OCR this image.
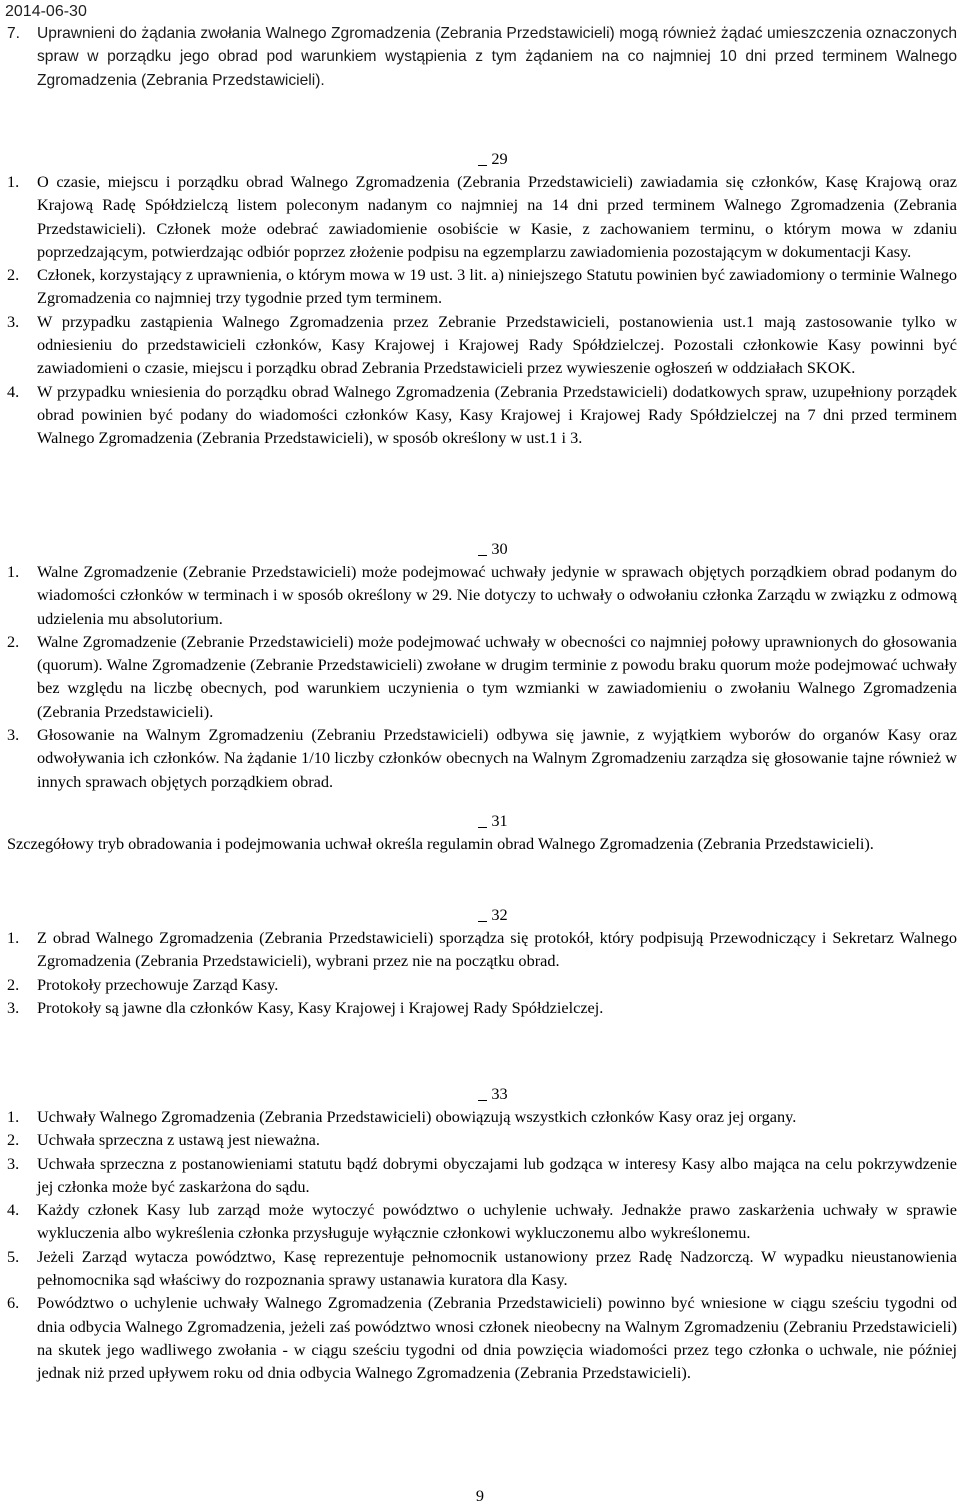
2014-06-30
7. Uprawnieni do żądania zwołania Walnego Zgromadzenia (Zebrania Przedstawicieli) mogą również żądać umieszczenia oznaczonych spraw w porządku jego obrad pod warunkiem wystąpienia z tym żądaniem na co najmniej 10 dni przed terminem Walnego Zgromadzenia (Zebrania Przedstawicieli).
29
1. O czasie, miejscu i porządku obrad Walnego Zgromadzenia (Zebrania Przedstawicieli) zawiadamia się członków, Kasę Krajową oraz Krajową Radę Spółdzielczą listem poleconym nadanym co najmniej na 14 dni przed terminem Walnego Zgromadzenia (Zebrania Przedstawicieli). Członek może odebrać zawiadomienie osobiście w Kasie, z zachowaniem terminu, o którym mowa w zdaniu poprzedzającym, potwierdzając odbiór poprzez złożenie podpisu na egzemplarzu zawiadomienia pozostającym w dokumentacji Kasy.
2. Członek, korzystający z uprawnienia, o którym mowa w 19 ust. 3 lit. a) niniejszego Statutu powinien być zawiadomiony o terminie Walnego Zgromadzenia co najmniej trzy tygodnie przed tym terminem.
3. W przypadku zastąpienia Walnego Zgromadzenia przez Zebranie Przedstawicieli, postanowienia ust.1 mają zastosowanie tylko w odniesieniu do przedstawicieli członków, Kasy Krajowej i Krajowej Rady Spółdzielczej. Pozostali członkowie Kasy powinni być zawiadomieni o czasie, miejscu i porządku obrad Zebrania Przedstawicieli przez wywieszenie ogłoszeń w oddziałach SKOK.
4. W przypadku wniesienia do porządku obrad Walnego Zgromadzenia (Zebrania Przedstawicieli) dodatkowych spraw, uzupełniony porządek obrad powinien być podany do wiadomości członków Kasy, Kasy Krajowej i Krajowej Rady Spółdzielczej na 7 dni przed terminem Walnego Zgromadzenia (Zebrania Przedstawicieli), w sposób określony w ust.1 i 3.
30
1. Walne Zgromadzenie (Zebranie Przedstawicieli) może podejmować uchwały jedynie w sprawach objętych porządkiem obrad podanym do wiadomości członków w terminach i w sposób określony w 29. Nie dotyczy to uchwały o odwołaniu członka Zarządu w związku z odmową udzielenia mu absolutorium.
2. Walne Zgromadzenie (Zebranie Przedstawicieli) może podejmować uchwały w obecności co najmniej połowy uprawnionych do głosowania (quorum). Walne Zgromadzenie (Zebranie Przedstawicieli) zwołane w drugim terminie z powodu braku quorum może podejmować uchwały bez względu na liczbę obecnych, pod warunkiem uczynienia o tym wzmianki w zawiadomieniu o zwołaniu Walnego Zgromadzenia (Zebrania Przedstawicieli).
3. Głosowanie na Walnym Zgromadzeniu (Zebraniu Przedstawicieli) odbywa się jawnie, z wyjątkiem wyborów do organów Kasy oraz odwoływania ich członków. Na żądanie 1/10 liczby członków obecnych na Walnym Zgromadzeniu zarządza się głosowanie tajne również w innych sprawach objętych porządkiem obrad.
31
Szczegółowy tryb obradowania i podejmowania uchwał określa regulamin obrad Walnego Zgromadzenia (Zebrania Przedstawicieli).
32
1. Z obrad Walnego Zgromadzenia (Zebrania Przedstawicieli) sporządza się protokół, który podpisują Przewodniczący i Sekretarz Walnego Zgromadzenia (Zebrania Przedstawicieli), wybrani przez nie na początku obrad.
2. Protokoły przechowuje Zarząd Kasy.
3. Protokoły są jawne dla członków Kasy, Kasy Krajowej i Krajowej Rady Spółdzielczej.
33
1. Uchwały Walnego Zgromadzenia (Zebrania Przedstawicieli) obowiązują wszystkich członków Kasy oraz jej organy.
2. Uchwała sprzeczna z ustawą jest nieważna.
3. Uchwała sprzeczna z postanowieniami statutu bądź dobrymi obyczajami lub godząca w interesy Kasy albo mająca na celu pokrzywdzenie jej członka może być zaskarżona do sądu.
4. Każdy członek Kasy lub zarząd może wytoczyć powództwo o uchylenie uchwały. Jednakże prawo zaskarżenia uchwały w sprawie wykluczenia albo wykreślenia członka przysługuje wyłącznie członkowi wykluczonemu albo wykreślonemu.
5. Jeżeli Zarząd wytacza powództwo, Kasę reprezentuje pełnomocnik ustanowiony przez Radę Nadzorczą. W wypadku nieustanowienia pełnomocnika sąd właściwy do rozpoznania sprawy ustanawia kuratora dla Kasy.
6. Powództwo o uchylenie uchwały Walnego Zgromadzenia (Zebrania Przedstawicieli) powinno być wniesione w ciągu sześciu tygodni od dnia odbycia Walnego Zgromadzenia, jeżeli zaś powództwo wnosi członek nieobecny na Walnym Zgromadzeniu (Zebraniu Przedstawicieli) na skutek jego wadliwego zwołania - w ciągu sześciu tygodni od dnia powzięcia wiadomości przez tego członka o uchwale, nie później jednak niż przed upływem roku od dnia odbycia Walnego Zgromadzenia (Zebrania Przedstawicieli).
9
